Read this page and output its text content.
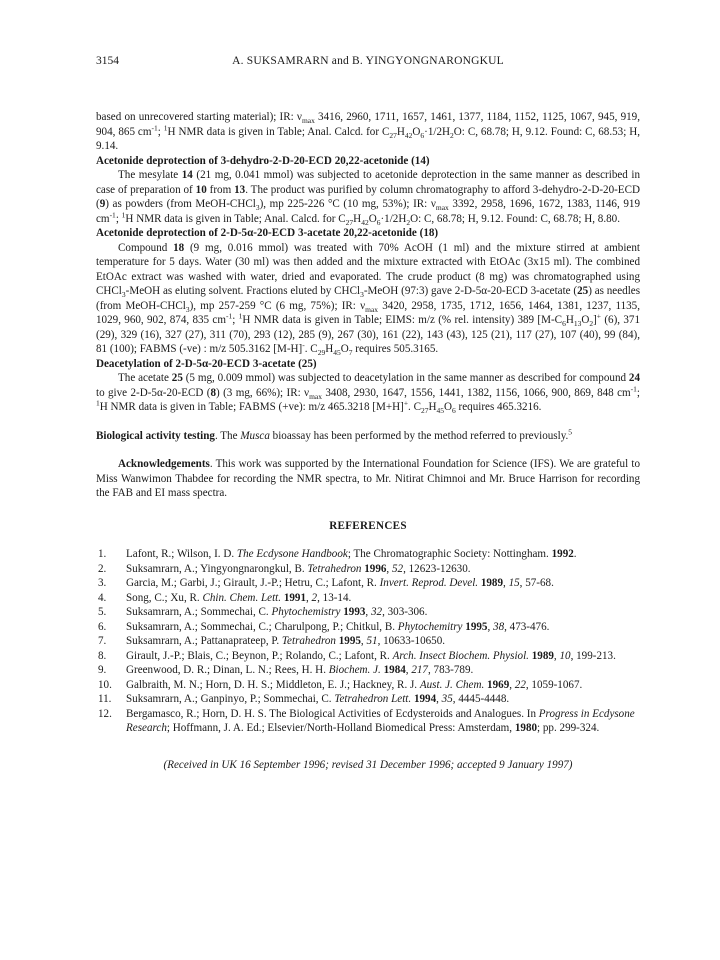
3154	A. SUKSAMRARN and B. YINGYONGNARONGKUL

based on unrecovered starting material); IR: $\nu_{max}$ 3416, 2960, 1711, 1657, 1461, 1377, 1184, 1152, 1125, 1067, 945, 919, 904, 865 $cm^{-1}$; $^1$H NMR data is given in Table; Anal. Calcd. for $C_{27}H_{42}O_6\cdot 1/2H_2O$: C, 68.78; H, 9.12. Found: C, 68.53; H, 9.14.

Acetonide deprotection of 3-dehydro-2-D-20-ECD 20,22-acetonide (14)

The mesylate 14 (21 mg, 0.041 mmol) was subjected to acetonide deprotection in the same manner as described in case of preparation of 10 from 13. The product was purified by column chromatography to afford 3-dehydro-2-D-20-ECD (9) as powders (from MeOH-CHCl$_3$), mp 225-226 °C (10 mg, 53%); IR: $\nu_{max}$ 3392, 2958, 1696, 1672, 1383, 1146, 919 $cm^{-1}$; $^1$H NMR data is given in Table; Anal. Calcd. for $C_{27}H_{42}O_6\cdot 1/2H_2O$: C, 68.78; H, 9.12. Found: C, 68.78; H, 8.80.

Acetonide deprotection of 2-D-5α-20-ECD 3-acetate 20,22-acetonide (18)

Compound 18 (9 mg, 0.016 mmol) was treated with 70% AcOH (1 ml) and the mixture stirred at ambient temperature for 5 days. Water (30 ml) was then added and the mixture extracted with EtOAc (3x15 ml). The combined EtOAc extract was washed with water, dried and evaporated. The crude product (8 mg) was chromatographed using CHCl$_3$-MeOH as eluting solvent. Fractions eluted by CHCl$_3$-MeOH (97:3) gave 2-D-5α-20-ECD 3-acetate (25) as needles (from MeOH-CHCl$_3$), mp 257-259 °C (6 mg, 75%); IR: $\nu_{max}$ 3420, 2958, 1735, 1712, 1656, 1464, 1381, 1237, 1135, 1029, 960, 902, 874, 835 $cm^{-1}$; $^1$H NMR data is given in Table; EIMS: m/z (% rel. intensity) 389 $[M-C_6H_{13}O_2]^+$ (6), 371 (29), 329 (16), 327 (27), 311 (70), 293 (12), 285 (9), 267 (30), 161 (22), 143 (43), 125 (21), 117 (27), 107 (40), 99 (84), 81 (100); FABMS (-ve) : m/z 505.3162 [M-H]-. $C_{29}H_{45}O_7$ requires 505.3165.

Deacetylation of 2-D-5α-20-ECD 3-acetate (25)

The acetate 25 (5 mg, 0.009 mmol) was subjected to deacetylation in the same manner as described for compound 24 to give 2-D-5α-20-ECD (8) (3 mg, 66%); IR: $\nu_{max}$ 3408, 2930, 1647, 1556, 1441, 1382, 1156, 1066, 900, 869, 848 $cm^{-1}$; $^1$H NMR data is given in Table; FABMS (+ve): m/z 465.3218 [M+H]+. $C_{27}H_{45}O_6$ requires 465.3216.

Biological activity testing. The Musca bioassay has been performed by the method referred to previously.$^5$

Acknowledgements. This work was supported by the International Foundation for Science (IFS). We are grateful to Miss Wanwimon Thabdee for recording the NMR spectra, to Mr. Nitirat Chimnoi and Mr. Bruce Harrison for recording the FAB and EI mass spectra.

REFERENCES

1.	Lafont, R.; Wilson, I. D. The Ecdysone Handbook; The Chromatographic Society: Nottingham. 1992.
2.	Suksamrarn, A.; Yingyongnarongkul, B. Tetrahedron 1996, 52, 12623-12630.
3.	Garcia, M.; Garbi, J.; Girault, J.-P.; Hetru, C.; Lafont, R. Invert. Reprod. Devel. 1989, 15, 57-68.
4.	Song, C.; Xu, R. Chin. Chem. Lett. 1991, 2, 13-14.
5.	Suksamrarn, A.; Sommechai, C. Phytochemistry 1993, 32, 303-306.
6.	Suksamrarn, A.; Sommechai, C.; Charulpong, P.; Chitkul, B. Phytochemitry 1995, 38, 473-476.
7.	Suksamrarn, A.; Pattanaprateep, P. Tetrahedron 1995, 51, 10633-10650.
8.	Girault, J.-P.; Blais, C.; Beynon, P.; Rolando, C.; Lafont, R. Arch. Insect Biochem. Physiol. 1989, 10, 199-213.
9.	Greenwood, D. R.; Dinan, L. N.; Rees, H. H. Biochem. J. 1984, 217, 783-789.
10.	Galbraith, M. N.; Horn, D. H. S.; Middleton, E. J.; Hackney, R. J. Aust. J. Chem. 1969, 22, 1059-1067.
11.	Suksamrarn, A.; Ganpinyo, P.; Sommechai, C. Tetrahedron Lett. 1994, 35, 4445-4448.
12.	Bergamasco, R.; Horn, D. H. S. The Biological Activities of Ecdysteroids and Analogues. In Progress in Ecdysone Research; Hoffmann, J. A. Ed.; Elsevier/North-Holland Biomedical Press: Amsterdam, 1980; pp. 299-324.

(Received in UK 16 September 1996; revised 31 December 1996; accepted 9 January 1997)
